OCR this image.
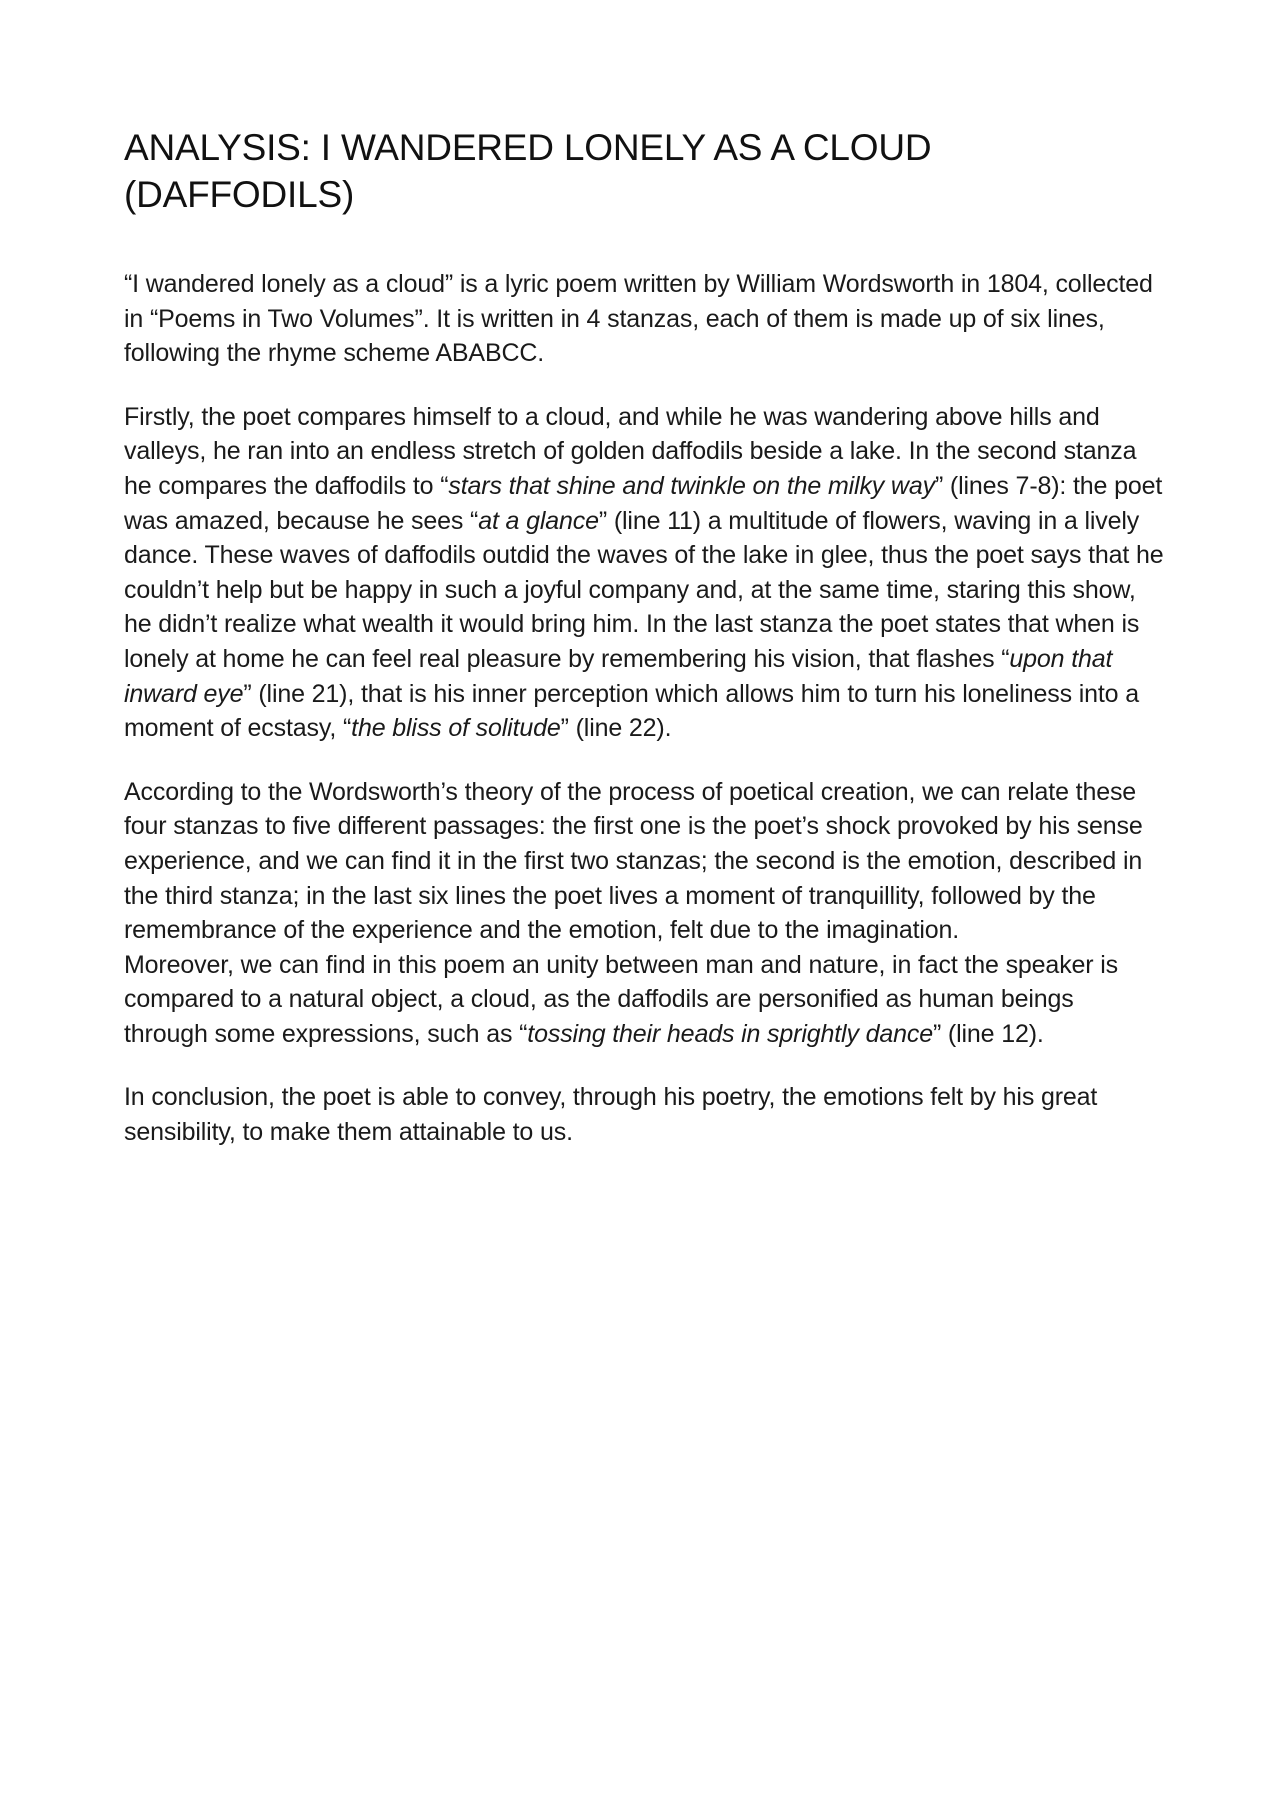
ANALYSIS: I WANDERED LONELY AS A CLOUD (DAFFODILS)

“I wandered lonely as a cloud” is a lyric poem written by William Wordsworth in 1804, collected in “Poems in Two Volumes”. It is written in 4 stanzas, each of them is made up of six lines, following the rhyme scheme ABABCC.

Firstly, the poet compares himself to a cloud, and while he was wandering above hills and valleys, he ran into an endless stretch of golden daffodils beside a lake. In the second stanza he compares the daffodils to “stars that shine and twinkle on the milky way” (lines 7-8): the poet was amazed, because he sees “at a glance” (line 11) a multitude of flowers, waving in a lively dance. These waves of daffodils outdid the waves of the lake in glee, thus the poet says that he couldn’t help but be happy in such a joyful company and, at the same time, staring this show, he didn’t realize what wealth it would bring him. In the last stanza the poet states that when is lonely at home he can feel real pleasure by remembering his vision, that flashes “upon that inward eye” (line 21), that is his inner perception which allows him to turn his loneliness into a moment of ecstasy, “the bliss of solitude” (line 22).

According to the Wordsworth’s theory of the process of poetical creation, we can relate these four stanzas to five different passages: the first one is the poet’s shock provoked by his sense experience, and we can find it in the first two stanzas; the second is the emotion, described in the third stanza; in the last six lines the poet lives a moment of tranquillity, followed by the remembrance of the experience and the emotion, felt due to the imagination.

Moreover, we can find in this poem an unity between man and nature, in fact the speaker is compared to a natural object, a cloud, as the daffodils are personified as human beings through some expressions, such as “tossing their heads in sprightly dance” (line 12).

In conclusion, the poet is able to convey, through his poetry, the emotions felt by his great sensibility, to make them attainable to us.
